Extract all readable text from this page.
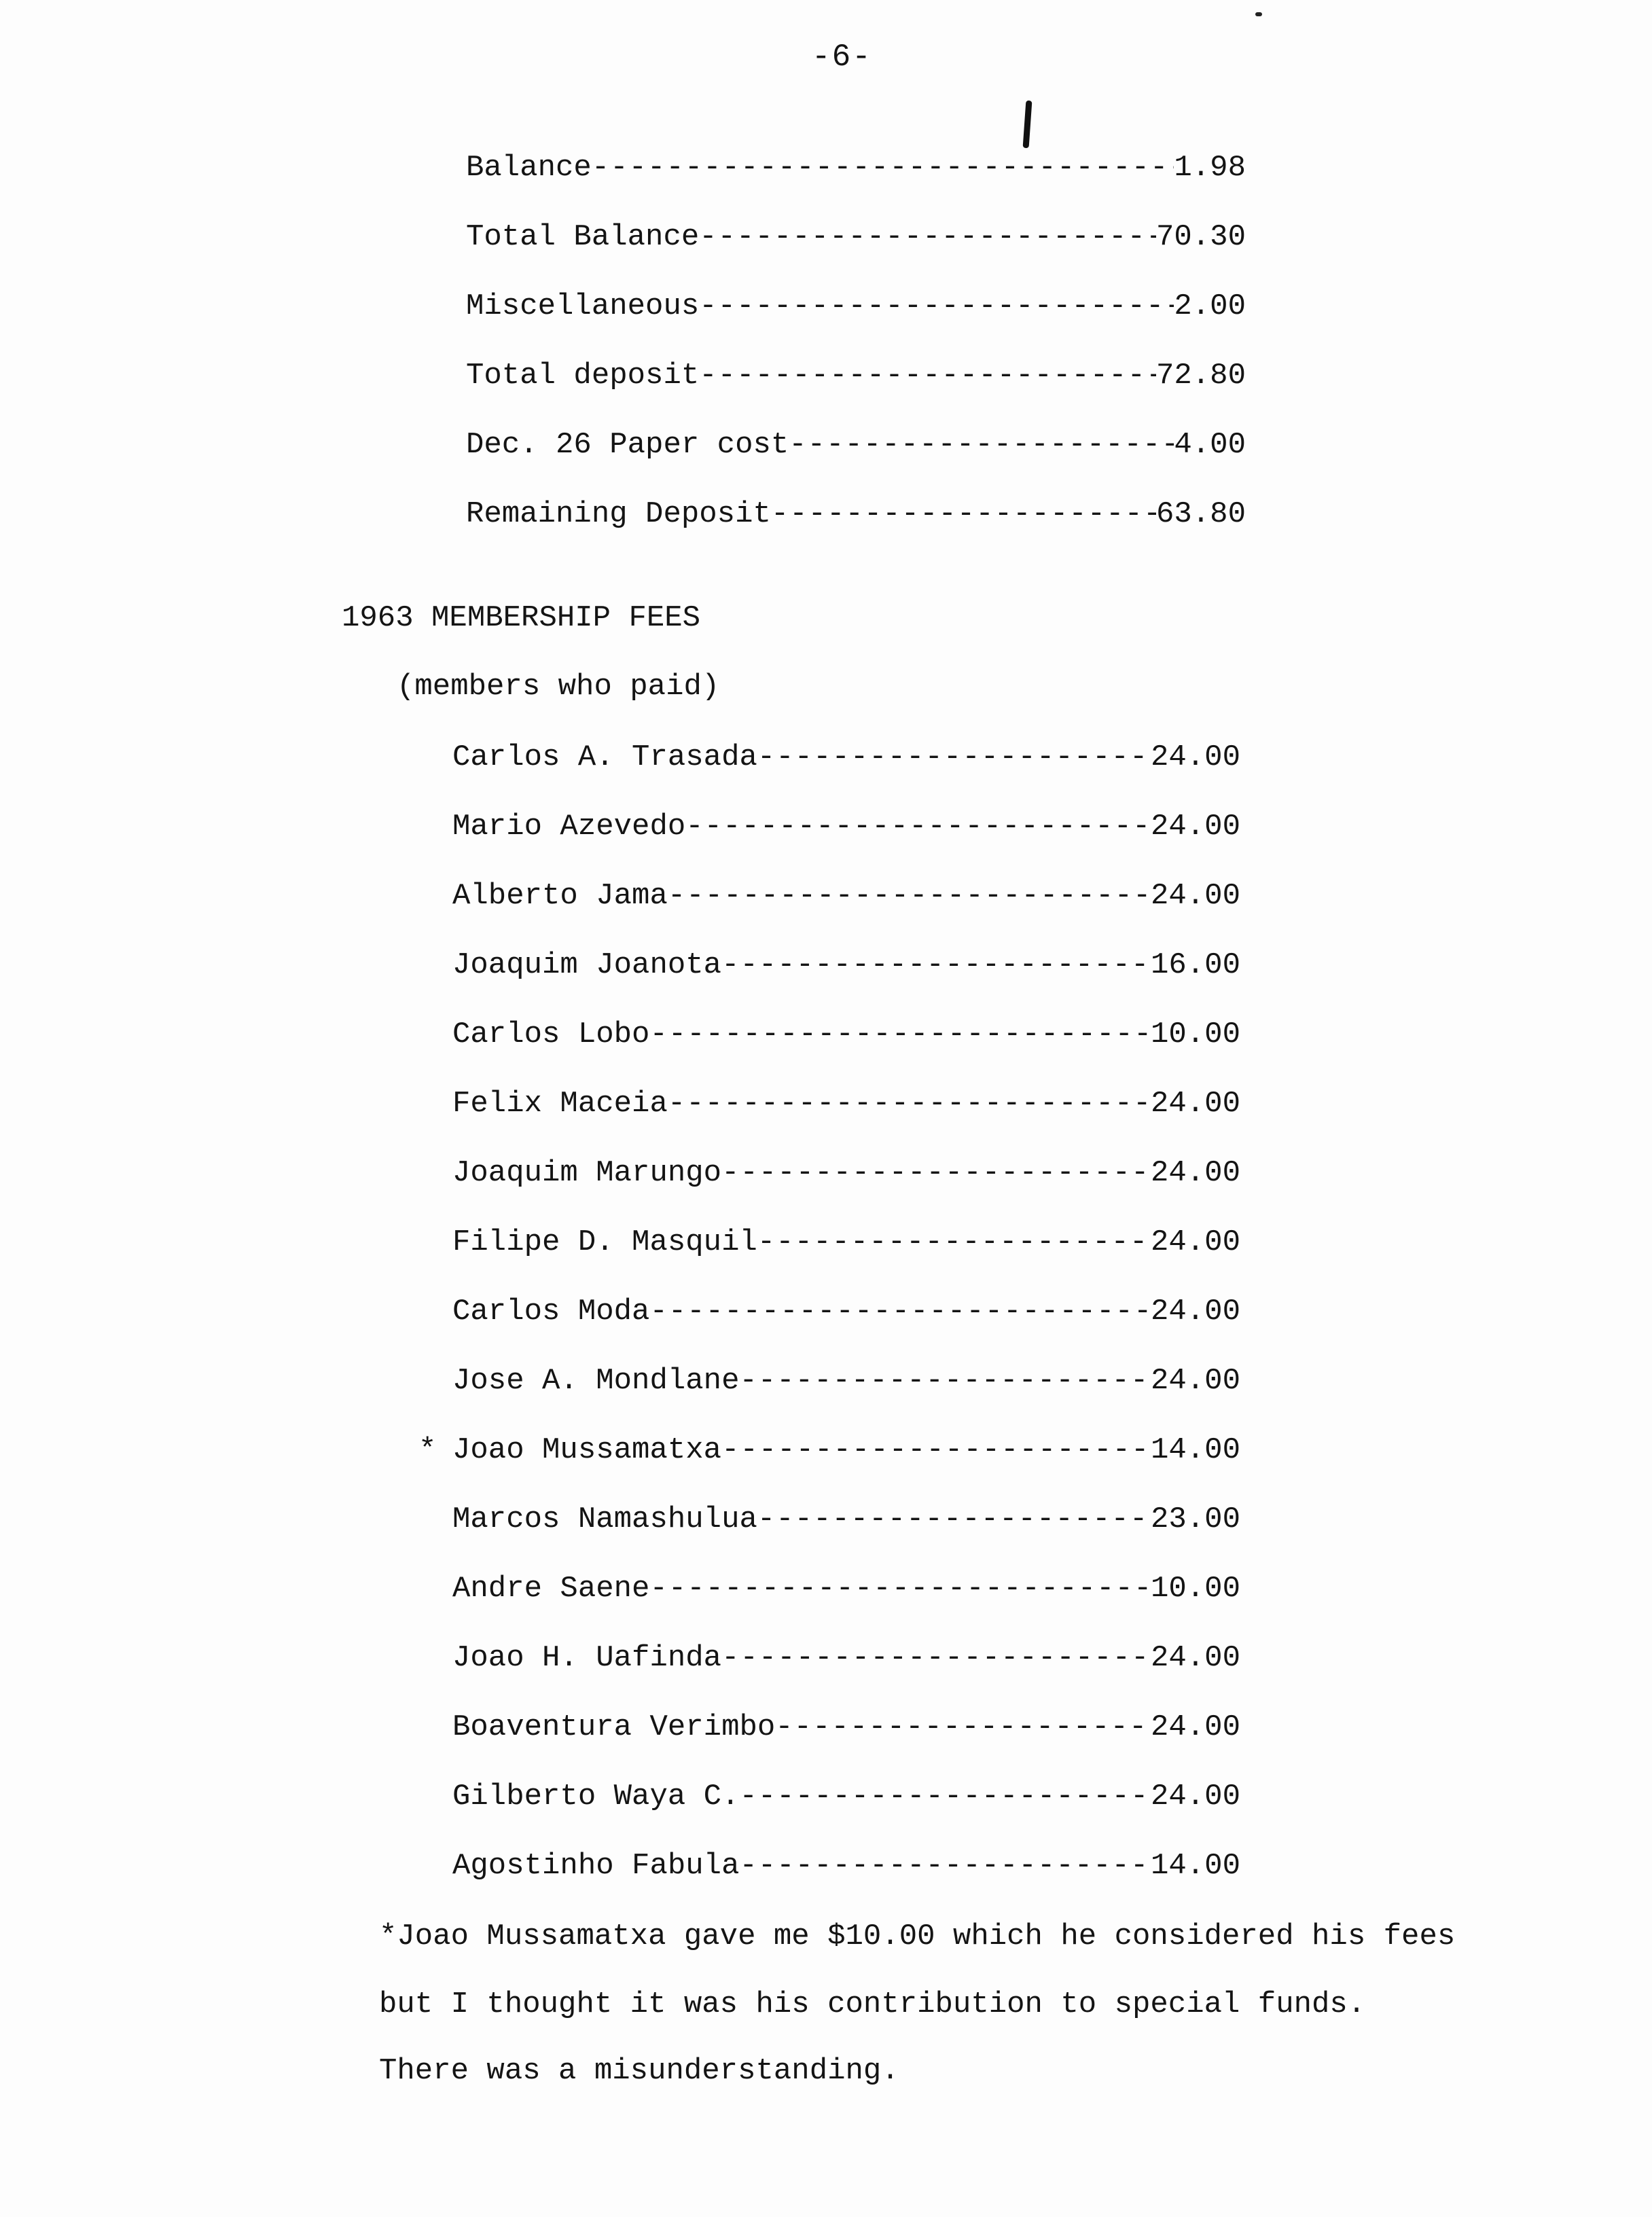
-6-
Balance -----	1.98
Total Balance -----	70.30
Miscellaneous -----	2.00
Total deposit -----	72.80
Dec. 26 Paper cost -----	4.00
Remaining Deposit -----	63.80
1963 MEMBERSHIP FEES
(members who paid)
Carlos A. Trasada -----	24.00
Mario Azevedo -----	24.00
Alberto Jama -----	24.00
Joaquim Joanota -----	16.00
Carlos Lobo -----	10.00
Felix Maceia -----	24.00
Joaquim Marungo -----	24.00
Filipe D. Masquil -----	24.00
Carlos Moda -----	24.00
Jose A. Mondlane -----	24.00
* Joao Mussamatxa -----	14.00
Marcos Namashulua -----	23.00
Andre Saene -----	10.00
Joao H. Uafinda -----	24.00
Boaventura Verimbo -----	24.00
Gilberto Waya C. -----	24.00
Agostinho Fabula -----	14.00
*Joao Mussamatxa gave me $10.00 which he considered his fees
but I thought it was his contribution to special funds.
There was a misunderstanding.
